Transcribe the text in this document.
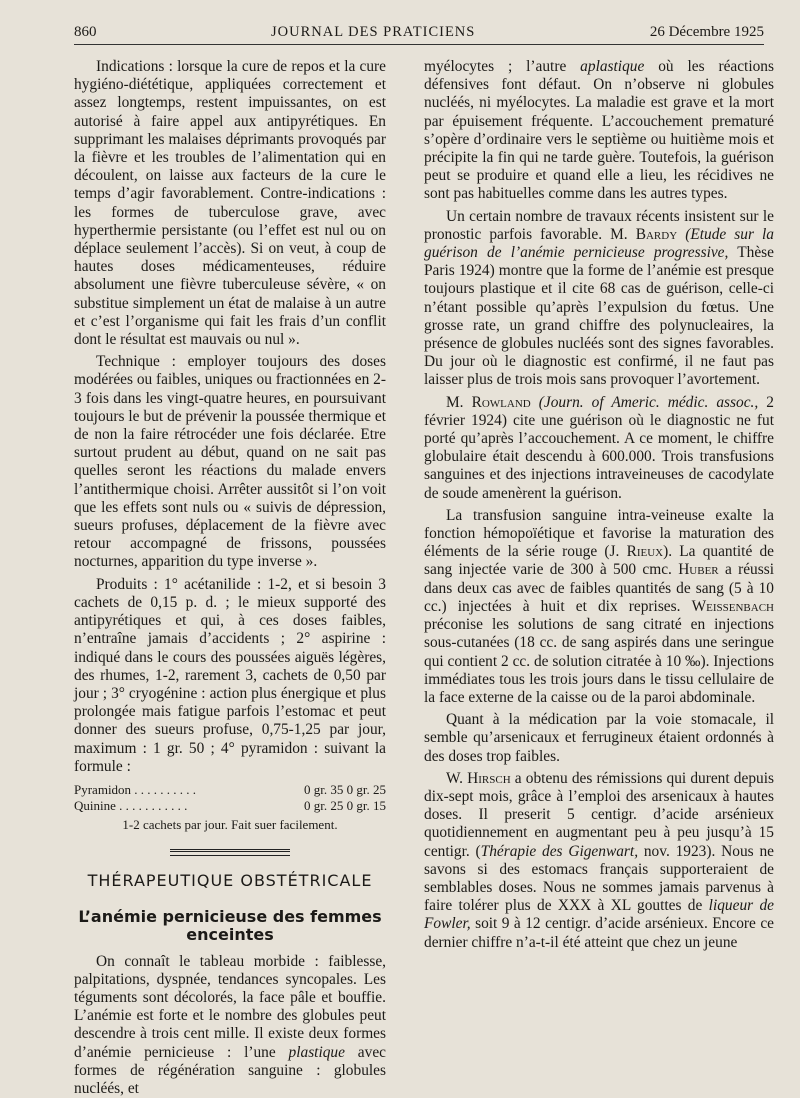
860	JOURNAL DES PRATICIENS	26 Décembre 1925

Indications : lorsque la cure de repos et la cure hygiéno-diététique, appliquées correctement et assez longtemps, restent impuissantes, on est autorisé à faire appel aux antipyrétiques. En supprimant les malaises déprimants provoqués par la fièvre et les troubles de l’alimentation qui en découlent, on laisse aux facteurs de la cure le temps d’agir favorablement. Contre-indications : les formes de tuberculose grave, avec hyperthermie persistante (ou l’effet est nul ou on déplace seulement l’accès). Si on veut, à coup de hautes doses médicamenteuses, réduire absolument une fièvre tuberculeuse sévère, « on substitue simplement un état de malaise à un autre et c’est l’organisme qui fait les frais d’un conflit dont le résultat est mauvais ou nul ».

Technique : employer toujours des doses modérées ou faibles, uniques ou fractionnées en 2-3 fois dans les vingt-quatre heures, en poursuivant toujours le but de prévenir la poussée thermique et de non la faire rétrocéder une fois déclarée. Etre surtout prudent au début, quand on ne sait pas quelles seront les réactions du malade envers l’antithermique choisi. Arrêter aussitôt si l’on voit que les effets sont nuls ou « suivis de dépression, sueurs profuses, déplacement de la fièvre avec retour accompagné de frissons, poussées nocturnes, apparition du type inverse ».

Produits : 1° acétanilide : 1-2, et si besoin 3 cachets de 0,15 p. d. ; le mieux supporté des antipyrétiques et qui, à ces doses faibles, n’entraîne jamais d’accidents ; 2° aspirine : indiqué dans le cours des poussées aiguës légères, des rhumes, 1-2, rarement 3, cachets de 0,50 par jour ; 3° cryogénine : action plus énergique et plus prolongée mais fatigue parfois l’estomac et peut donner des sueurs profuse, 0,75-1,25 par jour, maximum : 1 gr. 50 ; 4° pyramidon : suivant la formule :

Pyramidon . . . . . . . . . .	0 gr. 35 0 gr. 25
Quinine . . . . . . . . . . .	0 gr. 25 0 gr. 15
1-2 cachets par jour. Fait suer facilement.
THÉRAPEUTIQUE OBSTÉTRICALE
L’anémie pernicieuse des femmes enceintes

On connaît le tableau morbide : faiblesse, palpitations, dyspnée, tendances syncopales. Les téguments sont décolorés, la face pâle et bouffie. L’anémie est forte et le nombre des globules peut descendre à trois cent mille. Il existe deux formes d’anémie pernicieuse : l’une plastique avec formes de régénération sanguine : globules nucléés, et

myélocytes ; l’autre aplastique où les réactions défensives font défaut. On n’observe ni globules nucléés, ni myélocytes. La maladie est grave et la mort par épuisement fréquente. L’accouchement prematuré s’opère d’ordinaire vers le septième ou huitième mois et précipite la fin qui ne tarde guère. Toutefois, la guérison peut se produire et quand elle a lieu, les récidives ne sont pas habituelles comme dans les autres types.

Un certain nombre de travaux récents insistent sur le pronostic parfois favorable. M. Bardy (Etude sur la guérison de l’anémie pernicieuse progressive, Thèse Paris 1924) montre que la forme de l’anémie est presque toujours plastique et il cite 68 cas de guérison, celle-ci n’étant possible qu’après l’expulsion du fœtus. Une grosse rate, un grand chiffre des polynucleaires, la présence de globules nucléés sont des signes favorables. Du jour où le diagnostic est confirmé, il ne faut pas laisser plus de trois mois sans provoquer l’avortement.

M. Rowland (Journ. of Americ. médic. assoc., 2 février 1924) cite une guérison où le diagnostic ne fut porté qu’après l’accouchement. A ce moment, le chiffre globulaire était descendu à 600.000. Trois transfusions sanguines et des injections intraveineuses de cacodylate de soude amenèrent la guérison.

La transfusion sanguine intra-veineuse exalte la fonction hémopoïétique et favorise la maturation des éléments de la série rouge (J. Rieux). La quantité de sang injectée varie de 300 à 500 cmc. Huber a réussi dans deux cas avec de faibles quantités de sang (5 à 10 cc.) injectées à huit et dix reprises. Weissenbach préconise les solutions de sang citraté en injections sous-cutanées (18 cc. de sang aspirés dans une seringue qui contient 2 cc. de solution citratée à 10 ‰). Injections immédiates tous les trois jours dans le tissu cellulaire de la face externe de la caisse ou de la paroi abdominale.

Quant à la médication par la voie stomacale, il semble qu’arsenicaux et ferrugineux étaient ordonnés à des doses trop faibles.

W. Hirsch a obtenu des rémissions qui durent depuis dix-sept mois, grâce à l’emploi des arsenicaux à hautes doses. Il preserit 5 centigr. d’acide arsénieux quotidiennement en augmentant peu à peu jusqu’à 15 centigr. (Thérapie des Gigenwart, nov. 1923). Nous ne savons si des estomacs français supporteraient de semblables doses. Nous ne sommes jamais parvenus à faire tolérer plus de XXX à XL gouttes de liqueur de Fowler, soit 9 à 12 centigr. d’acide arsénieux. Encore ce dernier chiffre n’a-t-il été atteint que chez un jeune
